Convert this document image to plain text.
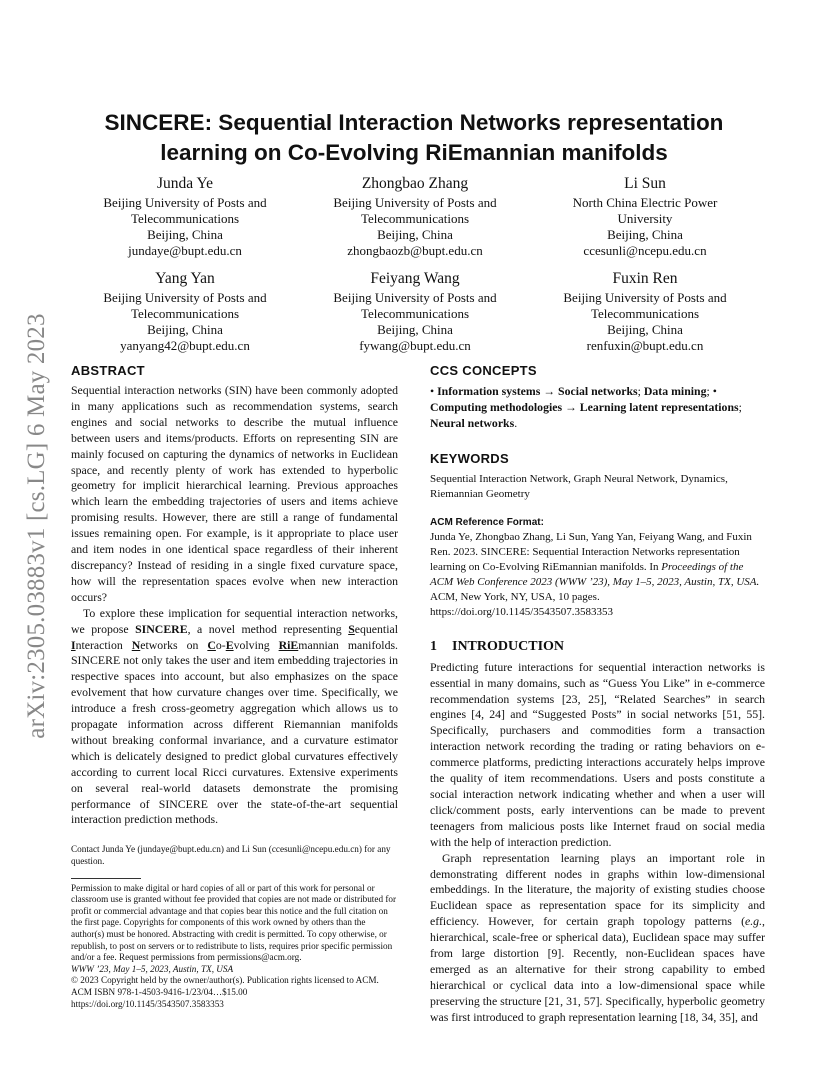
arXiv:2305.03883v1 [cs.LG] 6 May 2023
SINCERE: Sequential Interaction Networks representation
learning on Co-Evolving RiEmannian manifolds
Junda Ye
Beijing University of Posts and
Telecommunications
Beijing, China
jundaye@bupt.edu.cn
Zhongbao Zhang
Beijing University of Posts and
Telecommunications
Beijing, China
zhongbaozb@bupt.edu.cn
Li Sun
North China Electric Power
University
Beijing, China
ccesunli@ncepu.edu.cn
Yang Yan
Beijing University of Posts and
Telecommunications
Beijing, China
yanyang42@bupt.edu.cn
Feiyang Wang
Beijing University of Posts and
Telecommunications
Beijing, China
fywang@bupt.edu.cn
Fuxin Ren
Beijing University of Posts and
Telecommunications
Beijing, China
renfuxin@bupt.edu.cn
ABSTRACT

Sequential interaction networks (SIN) have been commonly adopted in many applications such as recommendation systems, search engines and social networks to describe the mutual influence between users and items/products. Efforts on representing SIN are mainly focused on capturing the dynamics of networks in Euclidean space, and recently plenty of work has extended to hyperbolic geometry for implicit hierarchical learning. Previous approaches which learn the embedding trajectories of users and items achieve promising results. However, there are still a range of fundamental issues remaining open. For example, is it appropriate to place user and item nodes in one identical space regardless of their inherent discrepancy? Instead of residing in a single fixed curvature space, how will the representation spaces evolve when new interaction occurs?

To explore these implication for sequential interaction networks, we propose SINCERE, a novel method representing Sequential Interaction Networks on Co-Evolving RiEmannian manifolds. SINCERE not only takes the user and item embedding trajectories in respective spaces into account, but also emphasizes on the space evolvement that how curvature changes over time. Specifically, we introduce a fresh cross-geometry aggregation which allows us to propagate information across different Riemannian manifolds without breaking conformal invariance, and a curvature estimator which is delicately designed to predict global curvatures effectively according to current local Ricci curvatures. Extensive experiments on several real-world datasets demonstrate the promising performance of SINCERE over the state-of-the-art sequential interaction prediction methods.

Contact Junda Ye (jundaye@bupt.edu.cn) and Li Sun (ccesunli@ncepu.edu.cn) for any question.

Permission to make digital or hard copies of all or part of this work for personal or classroom use is granted without fee provided that copies are not made or distributed for profit or commercial advantage and that copies bear this notice and the full citation on the first page. Copyrights for components of this work owned by others than the author(s) must be honored. Abstracting with credit is permitted. To copy otherwise, or republish, to post on servers or to redistribute to lists, requires prior specific permission and/or a fee. Request permissions from permissions@acm.org.

WWW ’23, May 1–5, 2023, Austin, TX, USA

© 2023 Copyright held by the owner/author(s). Publication rights licensed to ACM.

ACM ISBN 978-1-4503-9416-1/23/04…$15.00

https://doi.org/10.1145/3543507.3583353

CCS CONCEPTS
• Information systems → Social networks; Data mining; • Computing methodologies → Learning latent representations; Neural networks.
KEYWORDS

Sequential Interaction Network, Graph Neural Network, Dynamics, Riemannian Geometry

ACM Reference Format:

Junda Ye, Zhongbao Zhang, Li Sun, Yang Yan, Feiyang Wang, and Fuxin Ren. 2023. SINCERE: Sequential Interaction Networks representation learning on Co-Evolving RiEmannian manifolds. In Proceedings of the ACM Web Conference 2023 (WWW ’23), May 1–5, 2023, Austin, TX, USA. ACM, New York, NY, USA, 10 pages. https://doi.org/10.1145/3543507.3583353

1 INTRODUCTION

Predicting future interactions for sequential interaction networks is essential in many domains, such as “Guess You Like” in e-commerce recommendation systems [23, 25], “Related Searches” in search engines [4, 24] and “Suggested Posts” in social networks [51, 55]. Specifically, purchasers and commodities form a transaction interaction network recording the trading or rating behaviors on e-commerce platforms, predicting interactions accurately helps improve the quality of item recommendations. Users and posts constitute a social interaction network indicating whether and when a user will click/comment posts, early interventions can be made to prevent teenagers from malicious posts like Internet fraud on social media with the help of interaction prediction.

Graph representation learning plays an important role in demonstrating different nodes in graphs within low-dimensional embeddings. In the literature, the majority of existing studies choose Euclidean space as representation space for its simplicity and efficiency. However, for certain graph topology patterns (e.g., hierarchical, scale-free or spherical data), Euclidean space may suffer from large distortion [9]. Recently, non-Euclidean spaces have emerged as an alternative for their strong capability to embed hierarchical or cyclical data into a low-dimensional space while preserving the structure [21, 31, 57]. Specifically, hyperbolic geometry was first introduced to graph representation learning [18, 34, 35], and
